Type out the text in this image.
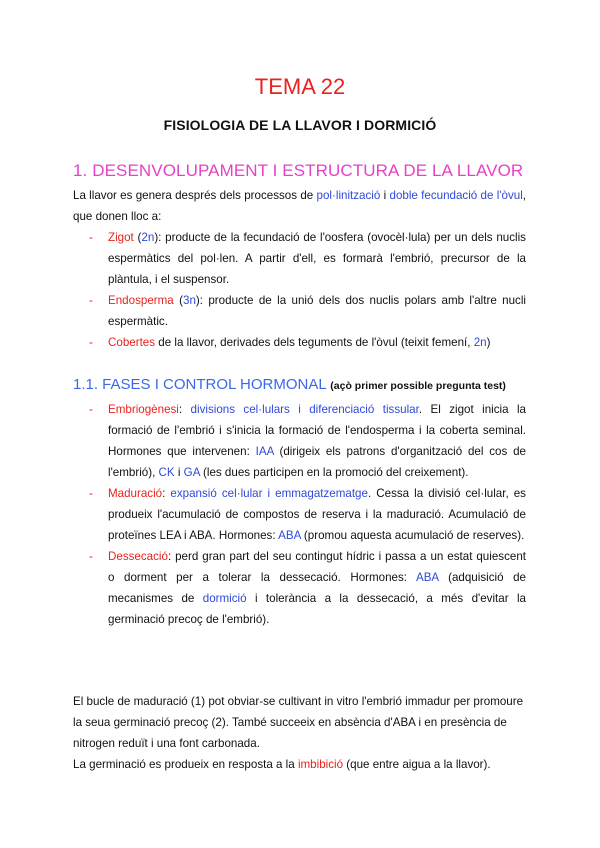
TEMA 22
FISIOLOGIA DE LA LLAVOR I DORMICIÓ
1. DESENVOLUPAMENT I ESTRUCTURA DE LA LLAVOR
La llavor es genera després dels processos de pol·linització i doble fecundació de l'òvul, que donen lloc a:
- Zigot (2n): producte de la fecundació de l'oosfera (ovocèl·lula) per un dels nuclis espermàtics del pol·len. A partir d'ell, es formarà l'embrió, precursor de la plàntula, i el suspensor.
- Endosperma (3n): producte de la unió dels dos nuclis polars amb l'altre nucli espermàtic.
- Cobertes de la llavor, derivades dels teguments de l'òvul (teixit femení, 2n)
1.1. FASES I CONTROL HORMONAL (açò primer possible pregunta test)
- Embriogènesi: divisions cel·lulars i diferenciació tissular. El zigot inicia la formació de l'embrió i s'inicia la formació de l'endosperma i la coberta seminal. Hormones que intervenen: IAA (dirigeix els patrons d'organització del cos de l'embrió), CK i GA (les dues participen en la promoció del creixement).
- Maduració: expansió cel·lular i emmagatzematge. Cessa la divisió cel·lular, es produeix l'acumulació de compostos de reserva i la maduració. Acumulació de proteïnes LEA i ABA. Hormones: ABA (promou aquesta acumulació de reserves).
- Dessecació: perd gran part del seu contingut hídric i passa a un estat quiescent o dorment per a tolerar la dessecació. Hormones: ABA (adquisició de mecanismes de dormició i tolerància a la dessecació, a més d'evitar la germinació precoç de l'embrió).
El bucle de maduració (1) pot obviar-se cultivant in vitro l'embrió immadur per promoure la seua germinació precoç (2). També succeeix en absència d'ABA i en presència de nitrogen reduït i una font carbonada.
La germinació es produeix en resposta a la imbibició (que entre aigua a la llavor).
